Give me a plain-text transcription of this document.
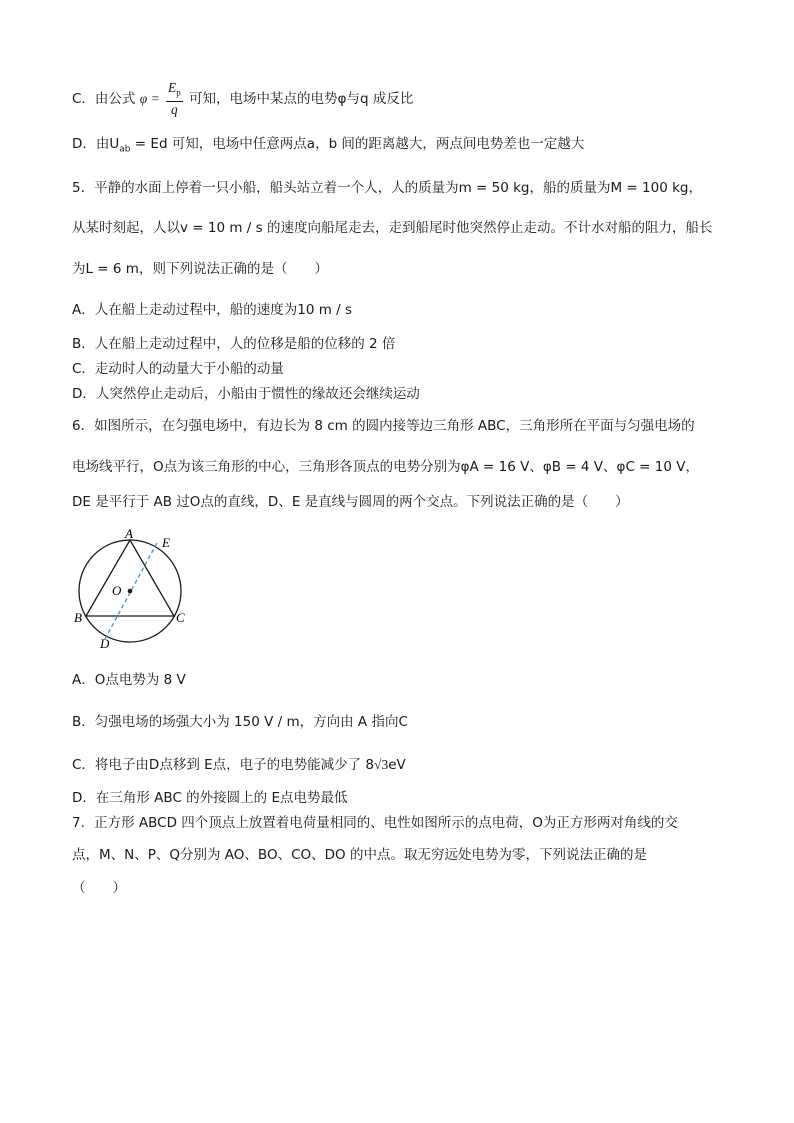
C．由公式 $\varphi = \frac{E_p}{q}$ 可知，电场中某点的电势φ与q 成反比
D．由$U_{ab} = Ed$ 可知，电场中任意两点a，b 间的距离越大，两点间电势差也一定越大
5．平静的水面上停着一只小船，船头站立着一个人，人的质量为m = 50 kg，船的质量为M = 100 kg，
从某时刻起，人以v = 10 m / s 的速度向船尾走去，走到船尾时他突然停止走动。不计水对船的阻力，船长
为L = 6 m，则下列说法正确的是（　　）
A．人在船上走动过程中，船的速度为10 m / s
B．人在船上走动过程中，人的位移是船的位移的 2 倍
C．走动时人的动量大于小船的动量
D．人突然停止走动后，小船由于惯性的缘故还会继续运动
6．如图所示，在匀强电场中，有边长为 8 cm 的圆内接等边三角形 ABC，三角形所在平面与匀强电场的
电场线平行，O点为该三角形的中心，三角形各顶点的电势分别为φA = 16 V、φB = 4 V、φC = 10 V，
DE 是平行于 AB 过O点的直线，D、E 是直线与圆周的两个交点。下列说法正确的是（　　）
A
E
O
B	C
D
A．O点电势为 8 V
B．匀强电场的场强大小为 150 V / m，方向由 A 指向C
C．将电子由D点移到 E点，电子的电势能减少了 8√3eV
D．在三角形 ABC 的外接圆上的 E点电势最低
7．正方形 ABCD 四个顶点上放置着电荷量相同的、电性如图所示的点电荷，O为正方形两对角线的交
点，M、N、P、Q分别为 AO、BO、CO、DO 的中点。取无穷远处电势为零，下列说法正确的是
（　　）
